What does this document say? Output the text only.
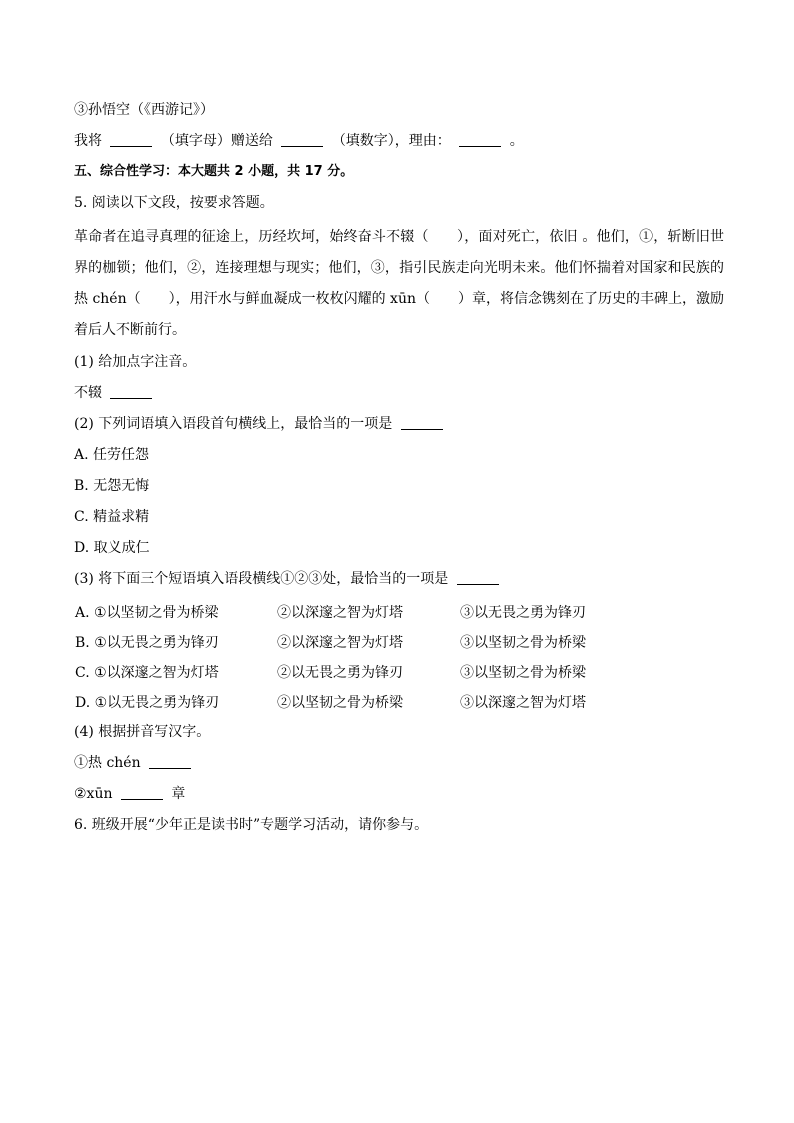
③孙悟空（《西游记》）
我将	（填字母）赠送给	（填数字），理由：	。
五、综合性学习：本大题共 2 小题，共 17 分。
5. 阅读以下文段，按要求答题。
革命者在追寻真理的征途上，历经坎坷，始终奋斗不辍（　　），面对死亡，依旧 。他们，①，斩断旧世界的枷锁；他们，②，连接理想与现实；他们，③，指引民族走向光明未来。他们怀揣着对国家和民族的热 chén（　　），用汗水与鲜血凝成一枚枚闪耀的 xūn（　　）章，将信念镌刻在了历史的丰碑上，激励着后人不断前行。
(1) 给加点字注音。
不辍
(2) 下列词语填入语段首句横线上，最恰当的一项是
A. 任劳任怨
B. 无怨无悔
C. 精益求精
D. 取义成仁
(3) 将下面三个短语填入语段横线①②③处，最恰当的一项是
A. ①以坚韧之骨为桥梁	②以深邃之智为灯塔	③以无畏之勇为锋刃
B. ①以无畏之勇为锋刃	②以深邃之智为灯塔	③以坚韧之骨为桥梁
C. ①以深邃之智为灯塔	②以无畏之勇为锋刃	③以坚韧之骨为桥梁
D. ①以无畏之勇为锋刃	②以坚韧之骨为桥梁	③以深邃之智为灯塔
(4) 根据拼音写汉字。
①热 chén
②xūn	章
6. 班级开展“少年正是读书时”专题学习活动，请你参与。
